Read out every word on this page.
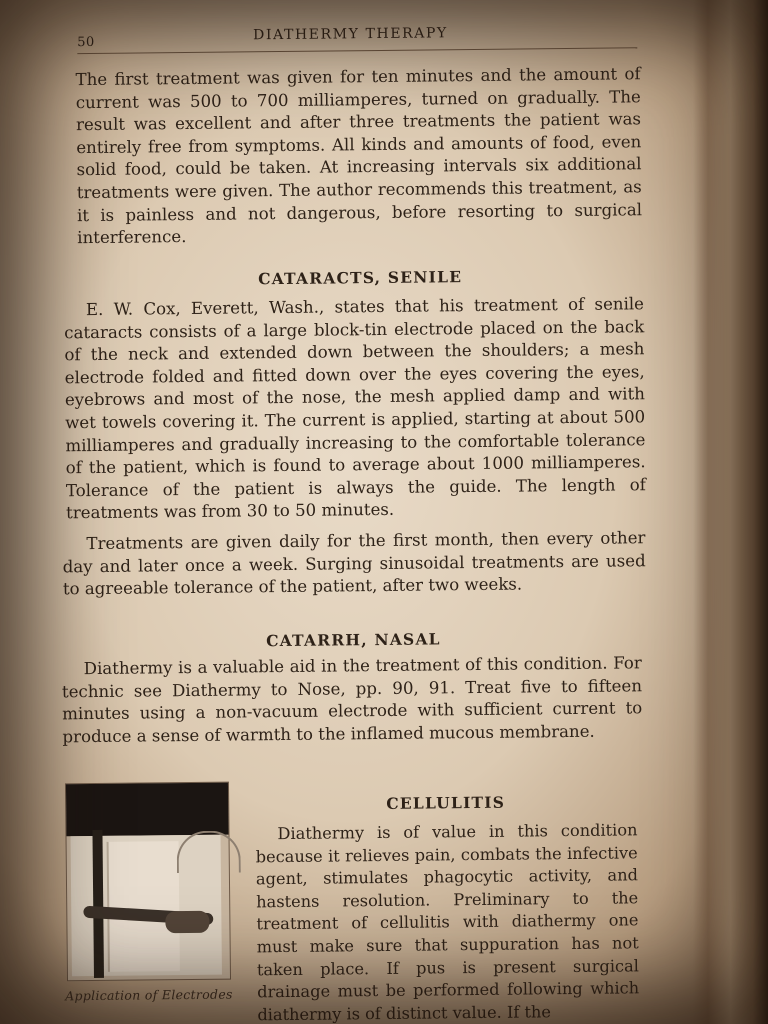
50	DIATHERMY THERAPY

The first treatment was given for ten minutes and the amount of current was 500 to 700 milliamperes, turned on gradually. The result was excellent and after three treatments the patient was entirely free from symptoms. All kinds and amounts of food, even solid food, could be taken. At increasing intervals six additional treatments were given. The author recommends this treatment, as it is painless and not dangerous, before resorting to surgical interference.

CATARACTS, SENILE

E. W. Cox, Everett, Wash., states that his treatment of senile cataracts consists of a large block-tin electrode placed on the back of the neck and extended down between the shoulders; a mesh electrode folded and fitted down over the eyes covering the eyes, eyebrows and most of the nose, the mesh applied damp and with wet towels covering it. The current is applied, starting at about 500 milliamperes and gradually increasing to the comfortable tolerance of the patient, which is found to average about 1000 milliamperes. Tolerance of the patient is always the guide. The length of treatments was from 30 to 50 minutes.

Treatments are given daily for the first month, then every other day and later once a week. Surging sinusoidal treatments are used to agreeable tolerance of the patient, after two weeks.

CATARRH, NASAL

Diathermy is a valuable aid in the treatment of this condition. For technic see Diathermy to Nose, pp. 90, 91. Treat five to fifteen minutes using a non-vacuum electrode with sufficient current to produce a sense of warmth to the inflamed mucous membrane.

CELLULITIS

Diathermy is of value in this condition because it relieves pain, combats the infective agent, stimulates phagocytic activity, and hastens resolution. Preliminary to the treatment of cellulitis with diathermy one must make sure that suppuration has not taken place. If pus is present surgical drainage must be performed following which diathermy is of distinct value. If the

Application of Electrodes
